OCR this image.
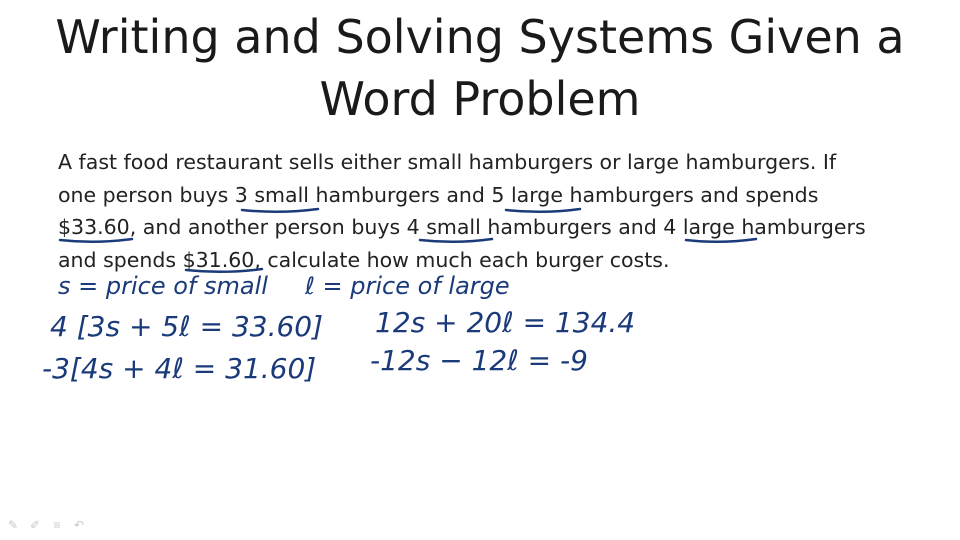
Writing and Solving Systems Given a
Word Problem
A fast food restaurant sells either small hamburgers or large hamburgers. If
one person buys 3 small hamburgers and 5 large hamburgers and spends
$33.60, and another person buys 4 small hamburgers and 4 large hamburgers
and spends $31.60, calculate how much each burger costs.
s = price of small ℓ = price of large
4 [3s + 5ℓ = 33.60]
-3[4s + 4ℓ = 31.60]
12s + 20ℓ = 134.4
-12s − 12ℓ = -9
✎ ✐ ≡ ↶
